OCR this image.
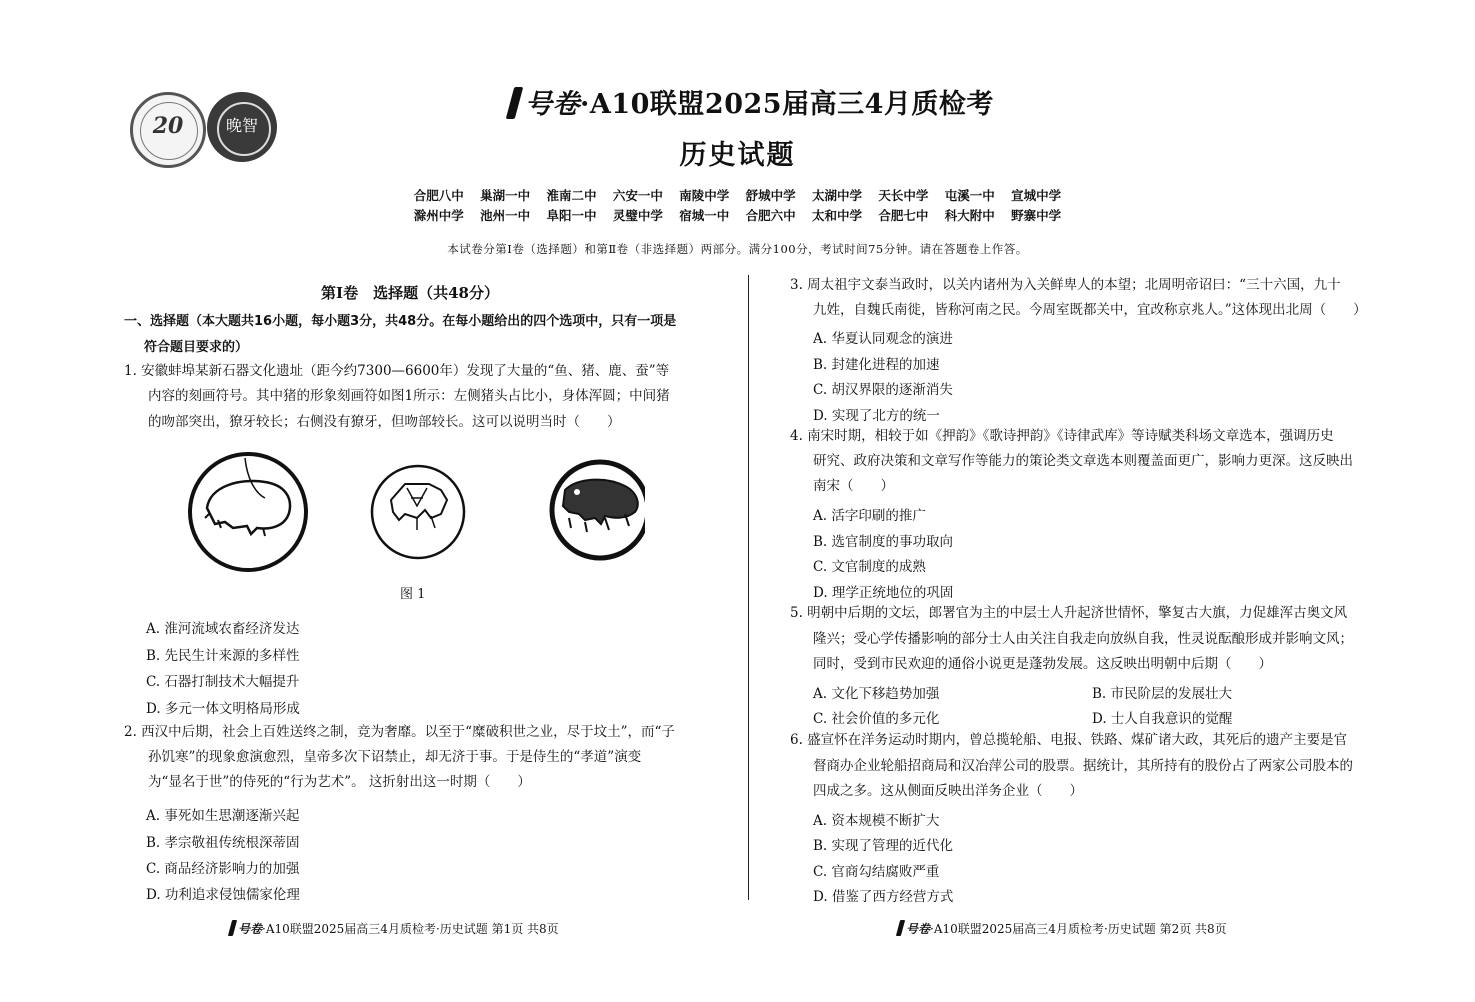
20	晚智
号卷·A10联盟2025届高三4月质检考
历史试题
合肥八中 巢湖一中 淮南二中 六安一中 南陵中学 舒城中学 太湖中学 天长中学 屯溪一中 宣城中学
滁州中学 池州一中 阜阳一中 灵璧中学 宿城一中 合肥六中 太和中学 合肥七中 科大附中 野寨中学
本试卷分第Ⅰ卷（选择题）和第Ⅱ卷（非选择题）两部分。满分100分，考试时间75分钟。请在答题卷上作答。
第Ⅰ卷　选择题（共48分）
一、选择题（本大题共16小题，每小题3分，共48分。在每小题给出的四个选项中，只有一项是
符合题目要求的）
1. 安徽蚌埠某新石器文化遗址（距今约7300—6600年）发现了大量的“鱼、猪、鹿、蚕”等
内容的刻画符号。其中猪的形象刻画符如图1所示：左侧猪头占比小，身体浑圆；中间猪
的吻部突出，獠牙较长；右侧没有獠牙，但吻部较长。这可以说明当时（　　）
图 1
A. 淮河流域农畜经济发达
B. 先民生计来源的多样性
C. 石器打制技术大幅提升
D. 多元一体文明格局形成
2. 西汉中后期，社会上百姓送终之制，竞为奢靡。以至于“糜破积世之业，尽于坟土”，而“子
孙饥寒”的现象愈演愈烈，皇帝多次下诏禁止，却无济于事。于是侍生的“孝道”演变
为“显名于世”的侍死的“行为艺术”。 这折射出这一时期（　　）
A. 事死如生思潮逐渐兴起
B. 孝宗敬祖传统根深蒂固
C. 商品经济影响力的加强
D. 功利追求侵蚀儒家伦理
3. 周太祖宇文泰当政时，以关内诸州为入关鲜卑人的本望；北周明帝诏曰：“三十六国，九十
九姓，自魏氏南徙，皆称河南之民。今周室既都关中，宜改称京兆人。”这体现出北周（　　）
A. 华夏认同观念的演进
B. 封建化进程的加速
C. 胡汉界限的逐渐消失
D. 实现了北方的统一
4. 南宋时期，相较于如《押韵》《歌诗押韵》《诗律武库》等诗赋类科场文章选本，强调历史
研究、政府决策和文章写作等能力的策论类文章选本则覆盖面更广，影响力更深。这反映出
南宋（　　）
A. 活字印刷的推广
B. 选官制度的事功取向
C. 文官制度的成熟
D. 理学正统地位的巩固
5. 明朝中后期的文坛，郎署官为主的中层士人升起济世情怀，擎复古大旗，力促雄浑古奥文风
隆兴；受心学传播影响的部分士人由关注自我走向放纵自我，性灵说酝酿形成并影响文风；
同时，受到市民欢迎的通俗小说更是蓬勃发展。这反映出明朝中后期（　　）
A. 文化下移趋势加强	B. 市民阶层的发展壮大
C. 社会价值的多元化	D. 士人自我意识的觉醒
6. 盛宣怀在洋务运动时期内，曾总揽轮船、电报、铁路、煤矿诸大政，其死后的遗产主要是官
督商办企业轮船招商局和汉冶萍公司的股票。据统计，其所持有的股份占了两家公司股本的
四成之多。这从侧面反映出洋务企业（　　）
A. 资本规模不断扩大
B. 实现了管理的近代化
C. 官商勾结腐败严重
D. 借鉴了西方经营方式
号卷·A10联盟2025届高三4月质检考·历史试题 第1页 共8页	号卷·A10联盟2025届高三4月质检考·历史试题 第2页 共8页
